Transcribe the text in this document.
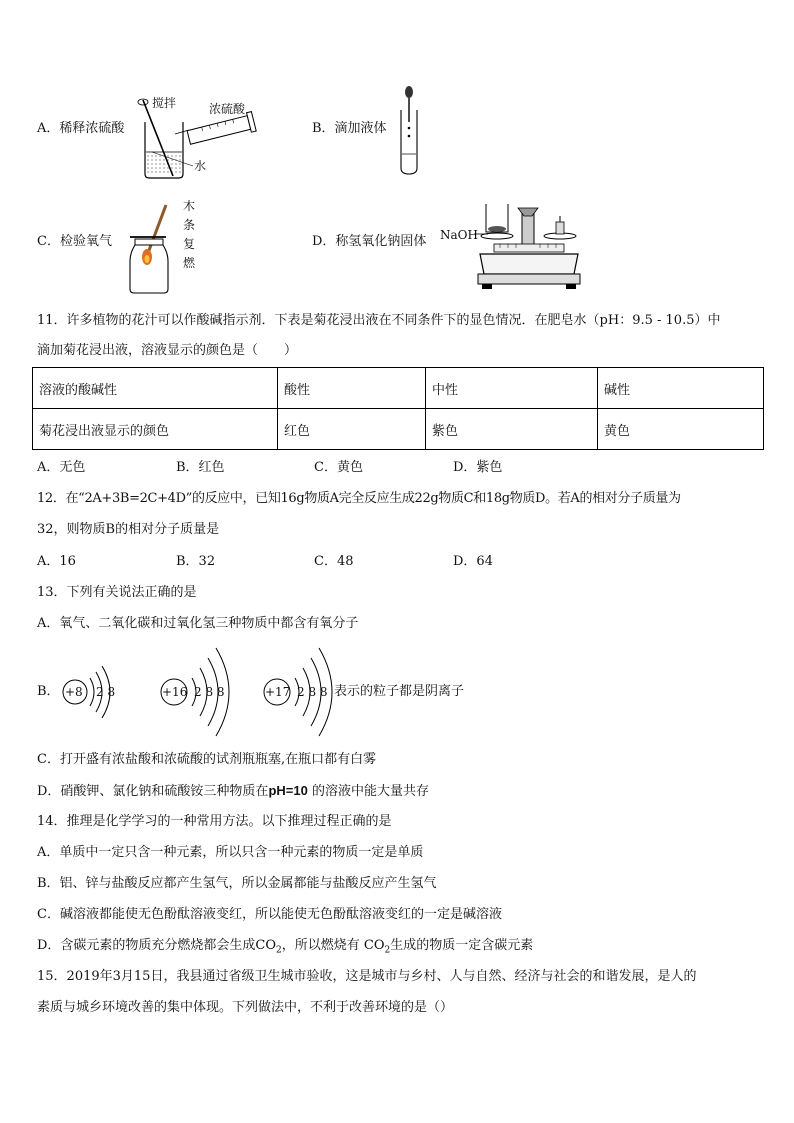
A．稀释浓硫酸
搅拌	浓硫酸
水
B．滴加液体
C．检验氧气
木
条
复
燃
D．称氢氧化钠固体 NaOH
11．许多植物的花汁可以作酸碱指示剂．下表是菊花浸出液在不同条件下的显色情况．在肥皂水（pH：9.5 - 10.5）中
滴加菊花浸出液，溶液显示的颜色是（　　）
溶液的酸碱性	酸性	中性	碱性
菊花浸出液显示的颜色	红色	紫色	黄色
A．无色	B．红色	C．黄色	D．紫色
12．在“2A+3B=2C+4D”的反应中，已知16g物质A完全反应生成22g物质C和18g物质D。若A的相对分子质量为
32，则物质B的相对分子质量是
A．16	B．32	C．48	D．64
13．下列有关说法正确的是
A．氧气、二氧化碳和过氧化氢三种物质中都含有氧分子
B． +8 2 8	+16 2 8 8	+17 2 8 8 表示的粒子都是阴离子
C．打开盛有浓盐酸和浓硫酸的试剂瓶瓶塞,在瓶口都有白雾
D．硝酸钾、氯化钠和硫酸铵三种物质在pH=10 的溶液中能大量共存
14．推理是化学学习的一种常用方法。以下推理过程正确的是
A．单质中一定只含一种元素，所以只含一种元素的物质一定是单质
B．铝、锌与盐酸反应都产生氢气，所以金属都能与盐酸反应产生氢气
C．碱溶液都能使无色酚酞溶液变红，所以能使无色酚酞溶液变红的一定是碱溶液
D．含碳元素的物质充分燃烧都会生成$CO_2$，所以燃烧有 $CO_2$生成的物质一定含碳元素
15．2019年3月15日，我县通过省级卫生城市验收，这是城市与乡村、人与自然、经济与社会的和谐发展，是人的
素质与城乡环境改善的集中体现。下列做法中，不利于改善环境的是（）
